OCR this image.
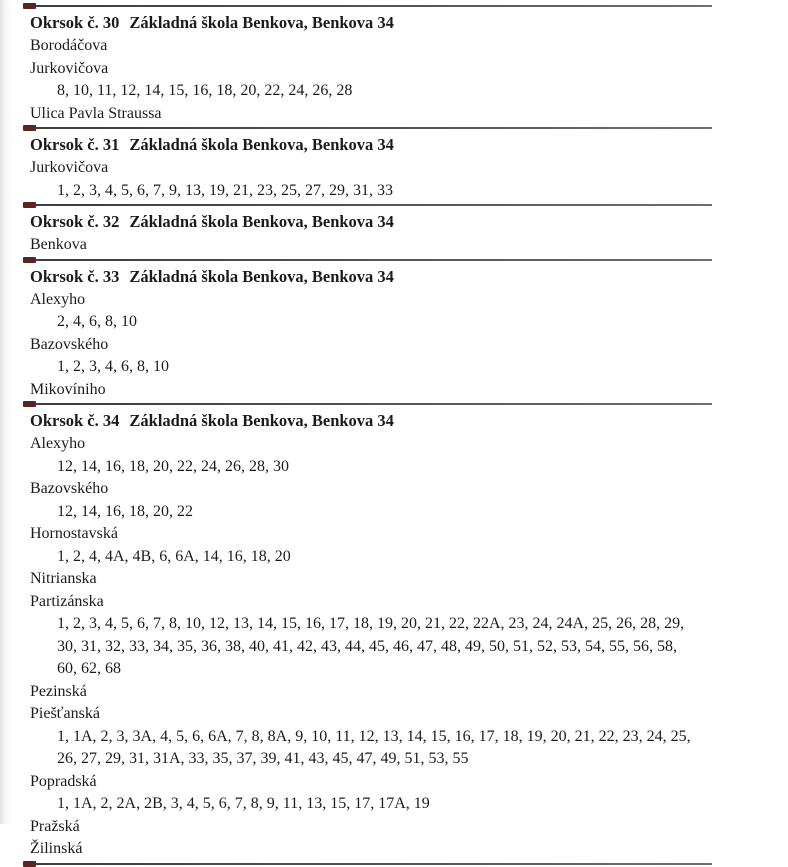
Okrsok č. 30 Základná škola Benkova, Benkova 34
Borodáčova
Jurkovičova
8, 10, 11, 12, 14, 15, 16, 18, 20, 22, 24, 26, 28
Ulica Pavla Straussa
Okrsok č. 31 Základná škola Benkova, Benkova 34
Jurkovičova
1, 2, 3, 4, 5, 6, 7, 9, 13, 19, 21, 23, 25, 27, 29, 31, 33
Okrsok č. 32 Základná škola Benkova, Benkova 34
Benkova
Okrsok č. 33 Základná škola Benkova, Benkova 34
Alexyho
2, 4, 6, 8, 10
Bazovského
1, 2, 3, 4, 6, 8, 10
Mikovíniho
Okrsok č. 34 Základná škola Benkova, Benkova 34
Alexyho
12, 14, 16, 18, 20, 22, 24, 26, 28, 30
Bazovského
12, 14, 16, 18, 20, 22
Hornostavská
1, 2, 4, 4A, 4B, 6, 6A, 14, 16, 18, 20
Nitrianska
Partizánska
1, 2, 3, 4, 5, 6, 7, 8, 10, 12, 13, 14, 15, 16, 17, 18, 19, 20, 21, 22, 22A, 23, 24, 24A, 25, 26, 28, 29, 30, 31, 32, 33, 34, 35, 36, 38, 40, 41, 42, 43, 44, 45, 46, 47, 48, 49, 50, 51, 52, 53, 54, 55, 56, 58, 60, 62, 68
Pezinská
Piešťanská
1, 1A, 2, 3, 3A, 4, 5, 6, 6A, 7, 8, 8A, 9, 10, 11, 12, 13, 14, 15, 16, 17, 18, 19, 20, 21, 22, 23, 24, 25, 26, 27, 29, 31, 31A, 33, 35, 37, 39, 41, 43, 45, 47, 49, 51, 53, 55
Popradská
1, 1A, 2, 2A, 2B, 3, 4, 5, 6, 7, 8, 9, 11, 13, 15, 17, 17A, 19
Pražská
Žilinská
